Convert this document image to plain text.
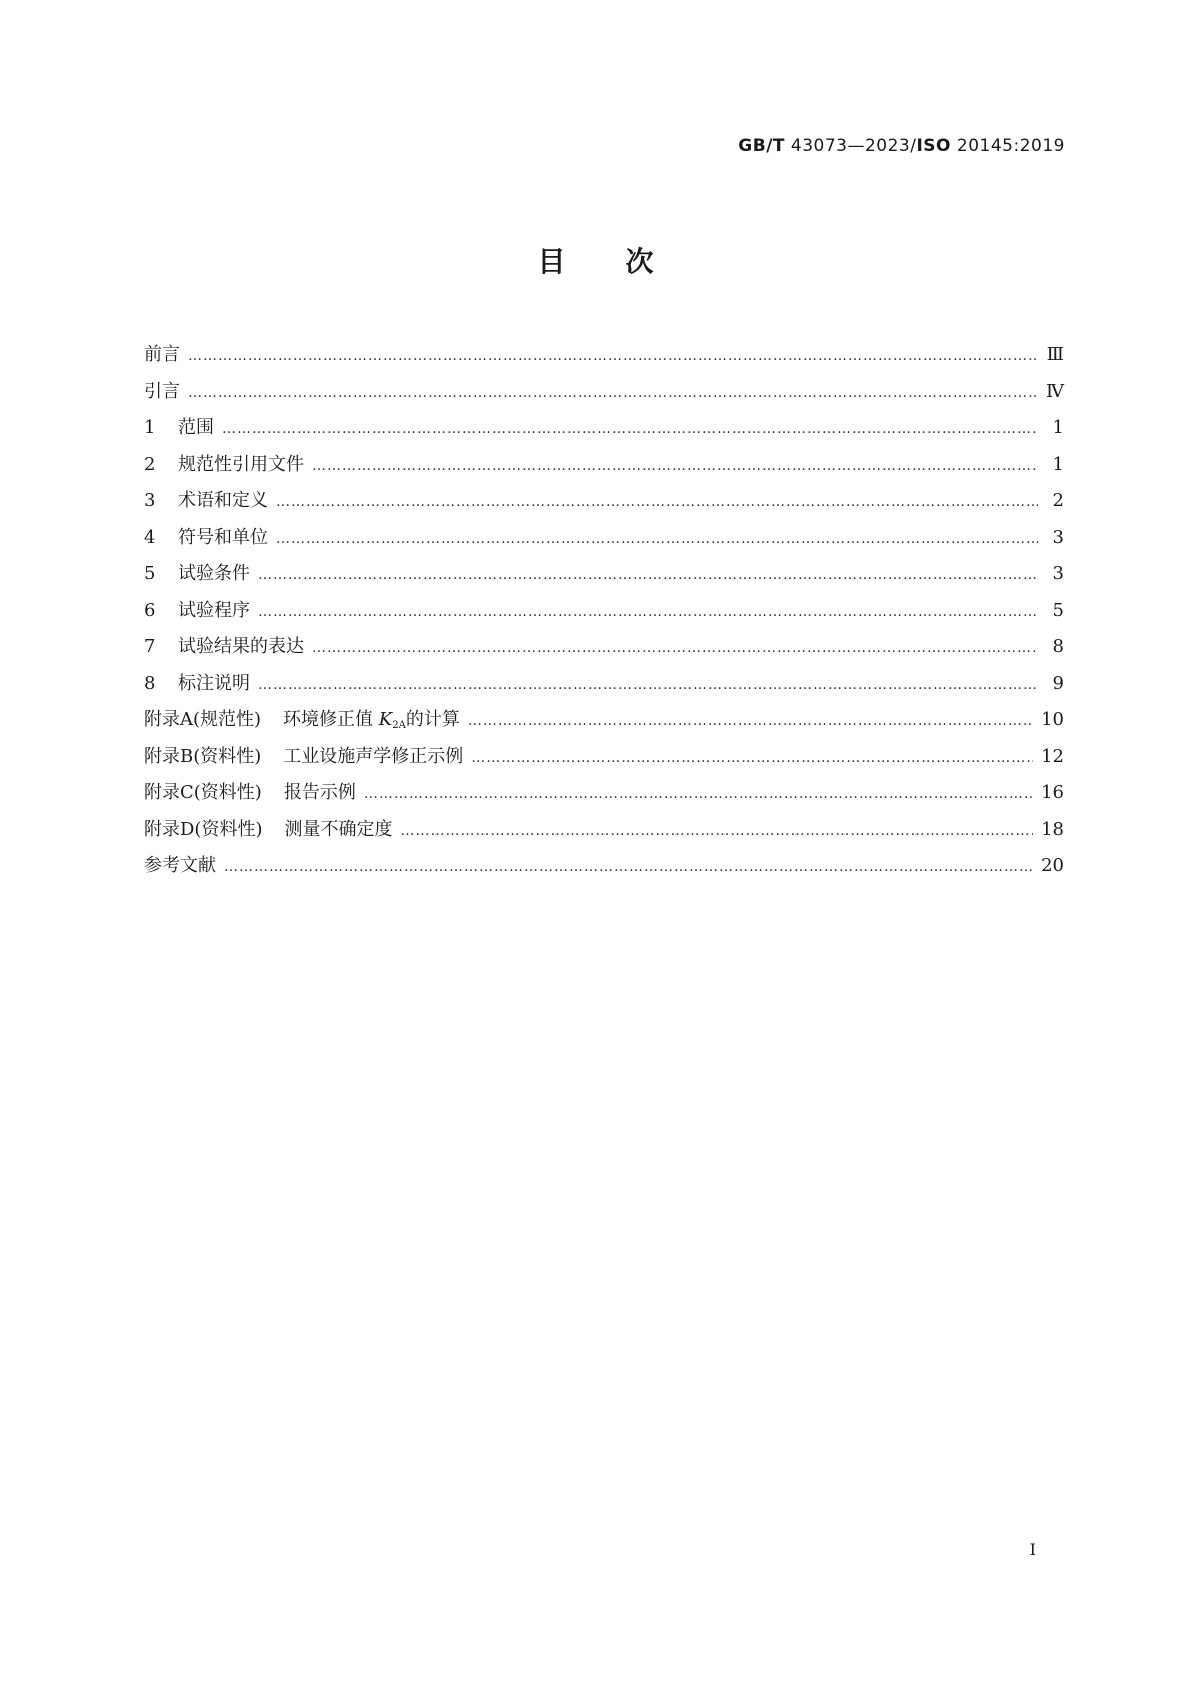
GB/T 43073—2023/ISO 20145:2019
目次
前言 ……………………………………………………………………………………………………………………………………………………………………………………	Ⅲ
引言 ……………………………………………………………………………………………………………………………………………………………………………………	Ⅳ
1	范围 ……………………………………………………………………………………………………………………………………………………………………………………	1
2	规范性引用文件 ……………………………………………………………………………………………………………………………………………………………………………………	1
3	术语和定义 ……………………………………………………………………………………………………………………………………………………………………………………	2
4	符号和单位 ……………………………………………………………………………………………………………………………………………………………………………………	3
5	试验条件 ……………………………………………………………………………………………………………………………………………………………………………………	3
6	试验程序 ……………………………………………………………………………………………………………………………………………………………………………………	5
7	试验结果的表达 ……………………………………………………………………………………………………………………………………………………………………………………	8
8	标注说明 ……………………………………………………………………………………………………………………………………………………………………………………	9
附录A(规范性) 环境修正值 $K_{2A}$的计算 ……………………………………………………………………………………………………………………………………………………………………………………	10
附录B(资料性) 工业设施声学修正示例 ……………………………………………………………………………………………………………………………………………………………………………………	12
附录C(资料性) 报告示例 ……………………………………………………………………………………………………………………………………………………………………………………	16
附录D(资料性) 测量不确定度 ……………………………………………………………………………………………………………………………………………………………………………………	18
参考文献 ……………………………………………………………………………………………………………………………………………………………………………………	20
Ⅰ
